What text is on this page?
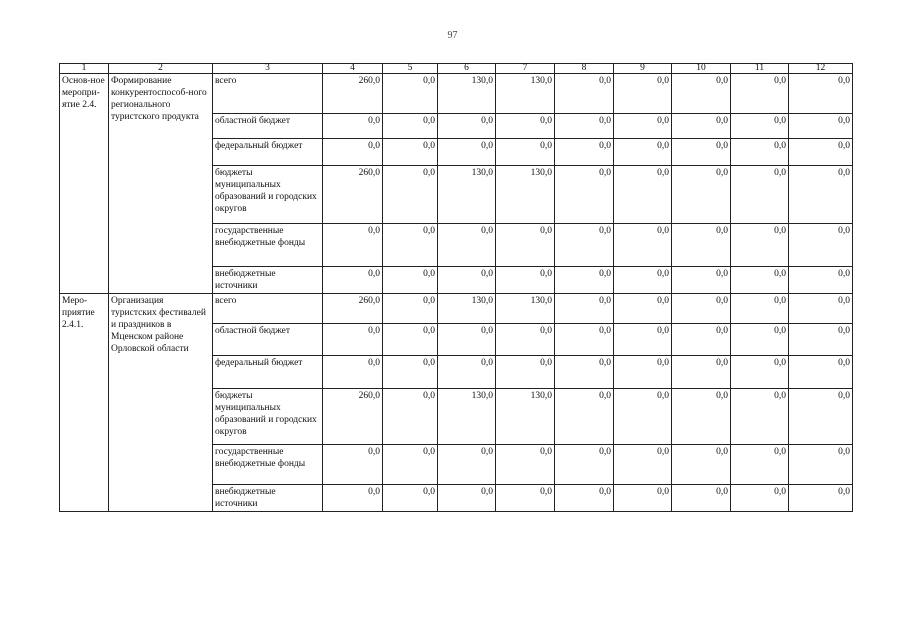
97
1	2	3	4	5	6	7	8	9	10	11	12
Основ-ное меропри-ятие 2.4.	Формирование конкурентоспособ-ного регионального туристского продукта	всего	260,0	0,0	130,0	130,0	0,0	0,0	0,0	0,0	0,0
		областной бюджет	0,0	0,0	0,0	0,0	0,0	0,0	0,0	0,0	0,0
		федеральный бюджет	0,0	0,0	0,0	0,0	0,0	0,0	0,0	0,0	0,0
		бюджеты муниципальных образований и городских округов	260,0	0,0	130,0	130,0	0,0	0,0	0,0	0,0	0,0
		государственные внебюджетные фонды	0,0	0,0	0,0	0,0	0,0	0,0	0,0	0,0	0,0
		внебюджетные источники	0,0	0,0	0,0	0,0	0,0	0,0	0,0	0,0	0,0
Меро-приятие 2.4.1.	Организация туристских фестивалей и праздников в Мценском районе Орловской области	всего	260,0	0,0	130,0	130,0	0,0	0,0	0,0	0,0	0,0
		областной бюджет	0,0	0,0	0,0	0,0	0,0	0,0	0,0	0,0	0,0
		федеральный бюджет	0,0	0,0	0,0	0,0	0,0	0,0	0,0	0,0	0,0
		бюджеты муниципальных образований и городских округов	260,0	0,0	130,0	130,0	0,0	0,0	0,0	0,0	0,0
		государственные внебюджетные фонды	0,0	0,0	0,0	0,0	0,0	0,0	0,0	0,0	0,0
		внебюджетные источники	0,0	0,0	0,0	0,0	0,0	0,0	0,0	0,0	0,0
